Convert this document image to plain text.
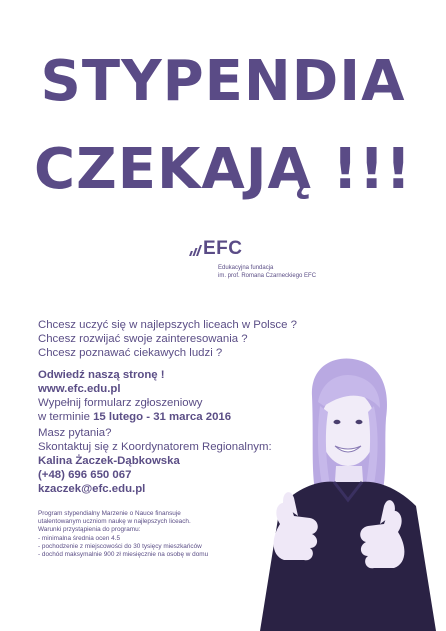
STYPENDIA
CZEKAJĄ !!!
EFC
Edukacyjna fundacja
im. prof. Romana Czarneckiego EFC
Chcesz uczyć się w najlepszych liceach w Polsce ?
Chcesz rozwijać swoje zainteresowania ?
Chcesz poznawać ciekawych ludzi ?
Odwiedź naszą stronę !
www.efc.edu.pl
Wypełnij formularz zgłoszeniowy
w terminie 15 lutego - 31 marca 2016
Masz pytania?
Skontaktuj się z Koordynatorem Regionalnym:
Kalina Żaczek-Dąbkowska
(+48) 696 650 067
kzaczek@efc.edu.pl
Program stypendialny Marzenie o Nauce finansuje
utalentowanym uczniom naukę w najlepszych liceach.
Warunki przystąpienia do programu:
- minimalna średnia ocen 4.5
- pochodzenie z miejscowości do 30 tysięcy mieszkańców
- dochód maksymalnie 900 zł miesięcznie na osobę w domu
